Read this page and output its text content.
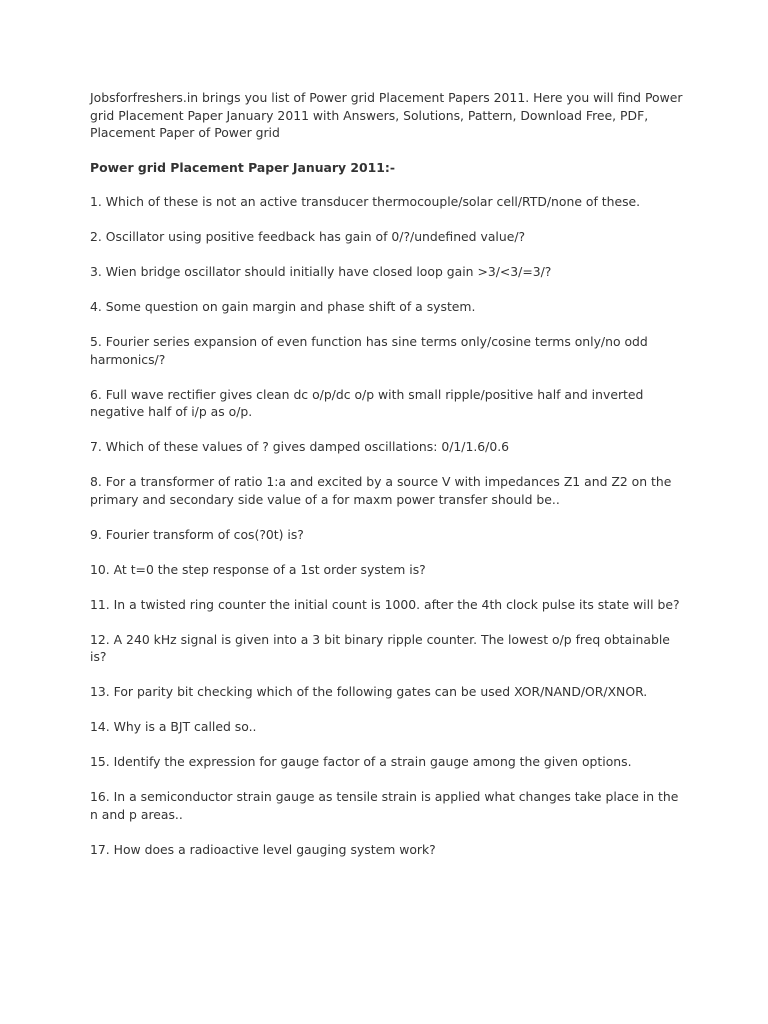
Jobsforfreshers.in brings you list of Power grid Placement Papers 2011. Here you will find Power grid Placement Paper January 2011 with Answers, Solutions, Pattern, Download Free, PDF, Placement Paper of Power grid

Power grid Placement Paper January 2011:-

1. Which of these is not an active transducer thermocouple/solar cell/RTD/none of these.

2. Oscillator using positive feedback has gain of 0/?/undefined value/?

3. Wien bridge oscillator should initially have closed loop gain >3/<3/=3/?

4. Some question on gain margin and phase shift of a system.

5. Fourier series expansion of even function has sine terms only/cosine terms only/no odd harmonics/?

6. Full wave rectifier gives clean dc o/p/dc o/p with small ripple/positive half and inverted negative half of i/p as o/p.

7. Which of these values of ? gives damped oscillations: 0/1/1.6/0.6

8. For a transformer of ratio 1:a and excited by a source V with impedances Z1 and Z2 on the primary and secondary side value of a for maxm power transfer should be..

9. Fourier transform of cos(?0t) is?

10. At t=0 the step response of a 1st order system is?

11. In a twisted ring counter the initial count is 1000. after the 4th clock pulse its state will be?

12. A 240 kHz signal is given into a 3 bit binary ripple counter. The lowest o/p freq obtainable is?

13. For parity bit checking which of the following gates can be used XOR/NAND/OR/XNOR.

14. Why is a BJT called so..

15. Identify the expression for gauge factor of a strain gauge among the given options.

16. In a semiconductor strain gauge as tensile strain is applied what changes take place in the n and p areas..

17. How does a radioactive level gauging system work?
